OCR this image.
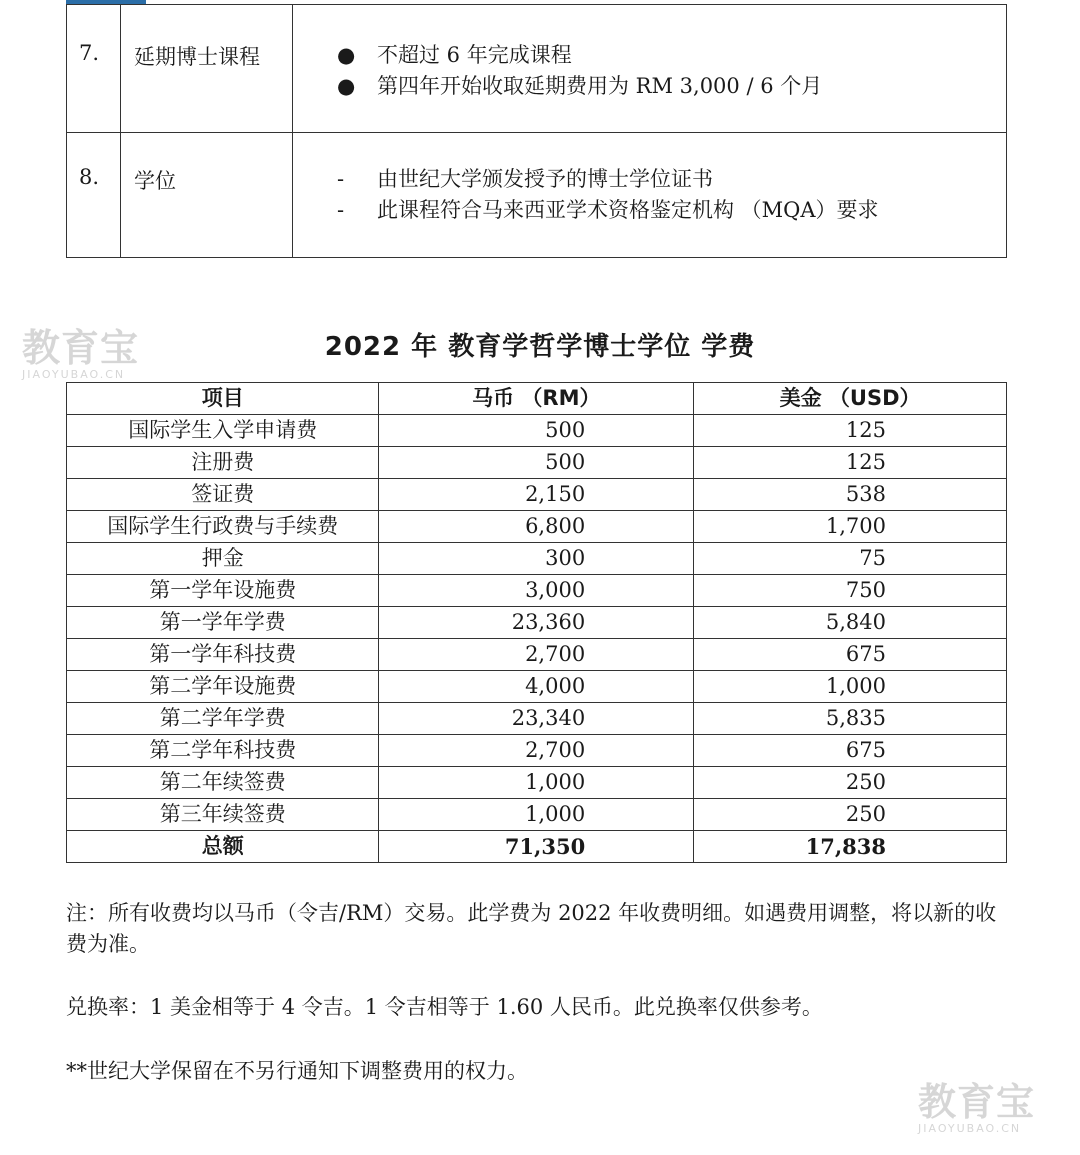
7. 延期博士课程	● 不超过 6 年完成课程
● 第四年开始收取延期费用为 RM 3,000 / 6 个月
8. 学位	- 由世纪大学颁发授予的博士学位证书
- 此课程符合马来西亚学术资格鉴定机构 （MQA）要求
教育宝
JIAOYUBAO.CN
2022 年 教育学哲学博士学位 学费
项目	马币 （RM）	美金 （USD）
国际学生入学申请费	500	125
注册费	500	125
签证费	2,150	538
国际学生行政费与手续费	6,800	1,700
押金	300	75
第一学年设施费	3,000	750
第一学年学费	23,360	5,840
第一学年科技费	2,700	675
第二学年设施费	4,000	1,000
第二学年学费	23,340	5,835
第二学年科技费	2,700	675
第二年续签费	1,000	250
第三年续签费	1,000	250
总额	71,350	17,838
注：所有收费均以马币（令吉/RM）交易。此学费为 2022 年收费明细。如遇费用调整，将以新的收费为准。
兑换率：1 美金相等于 4 令吉。1 令吉相等于 1.60 人民币。此兑换率仅供参考。
**世纪大学保留在不另行通知下调整费用的权力。
教育宝
JIAOYUBAO.CN
